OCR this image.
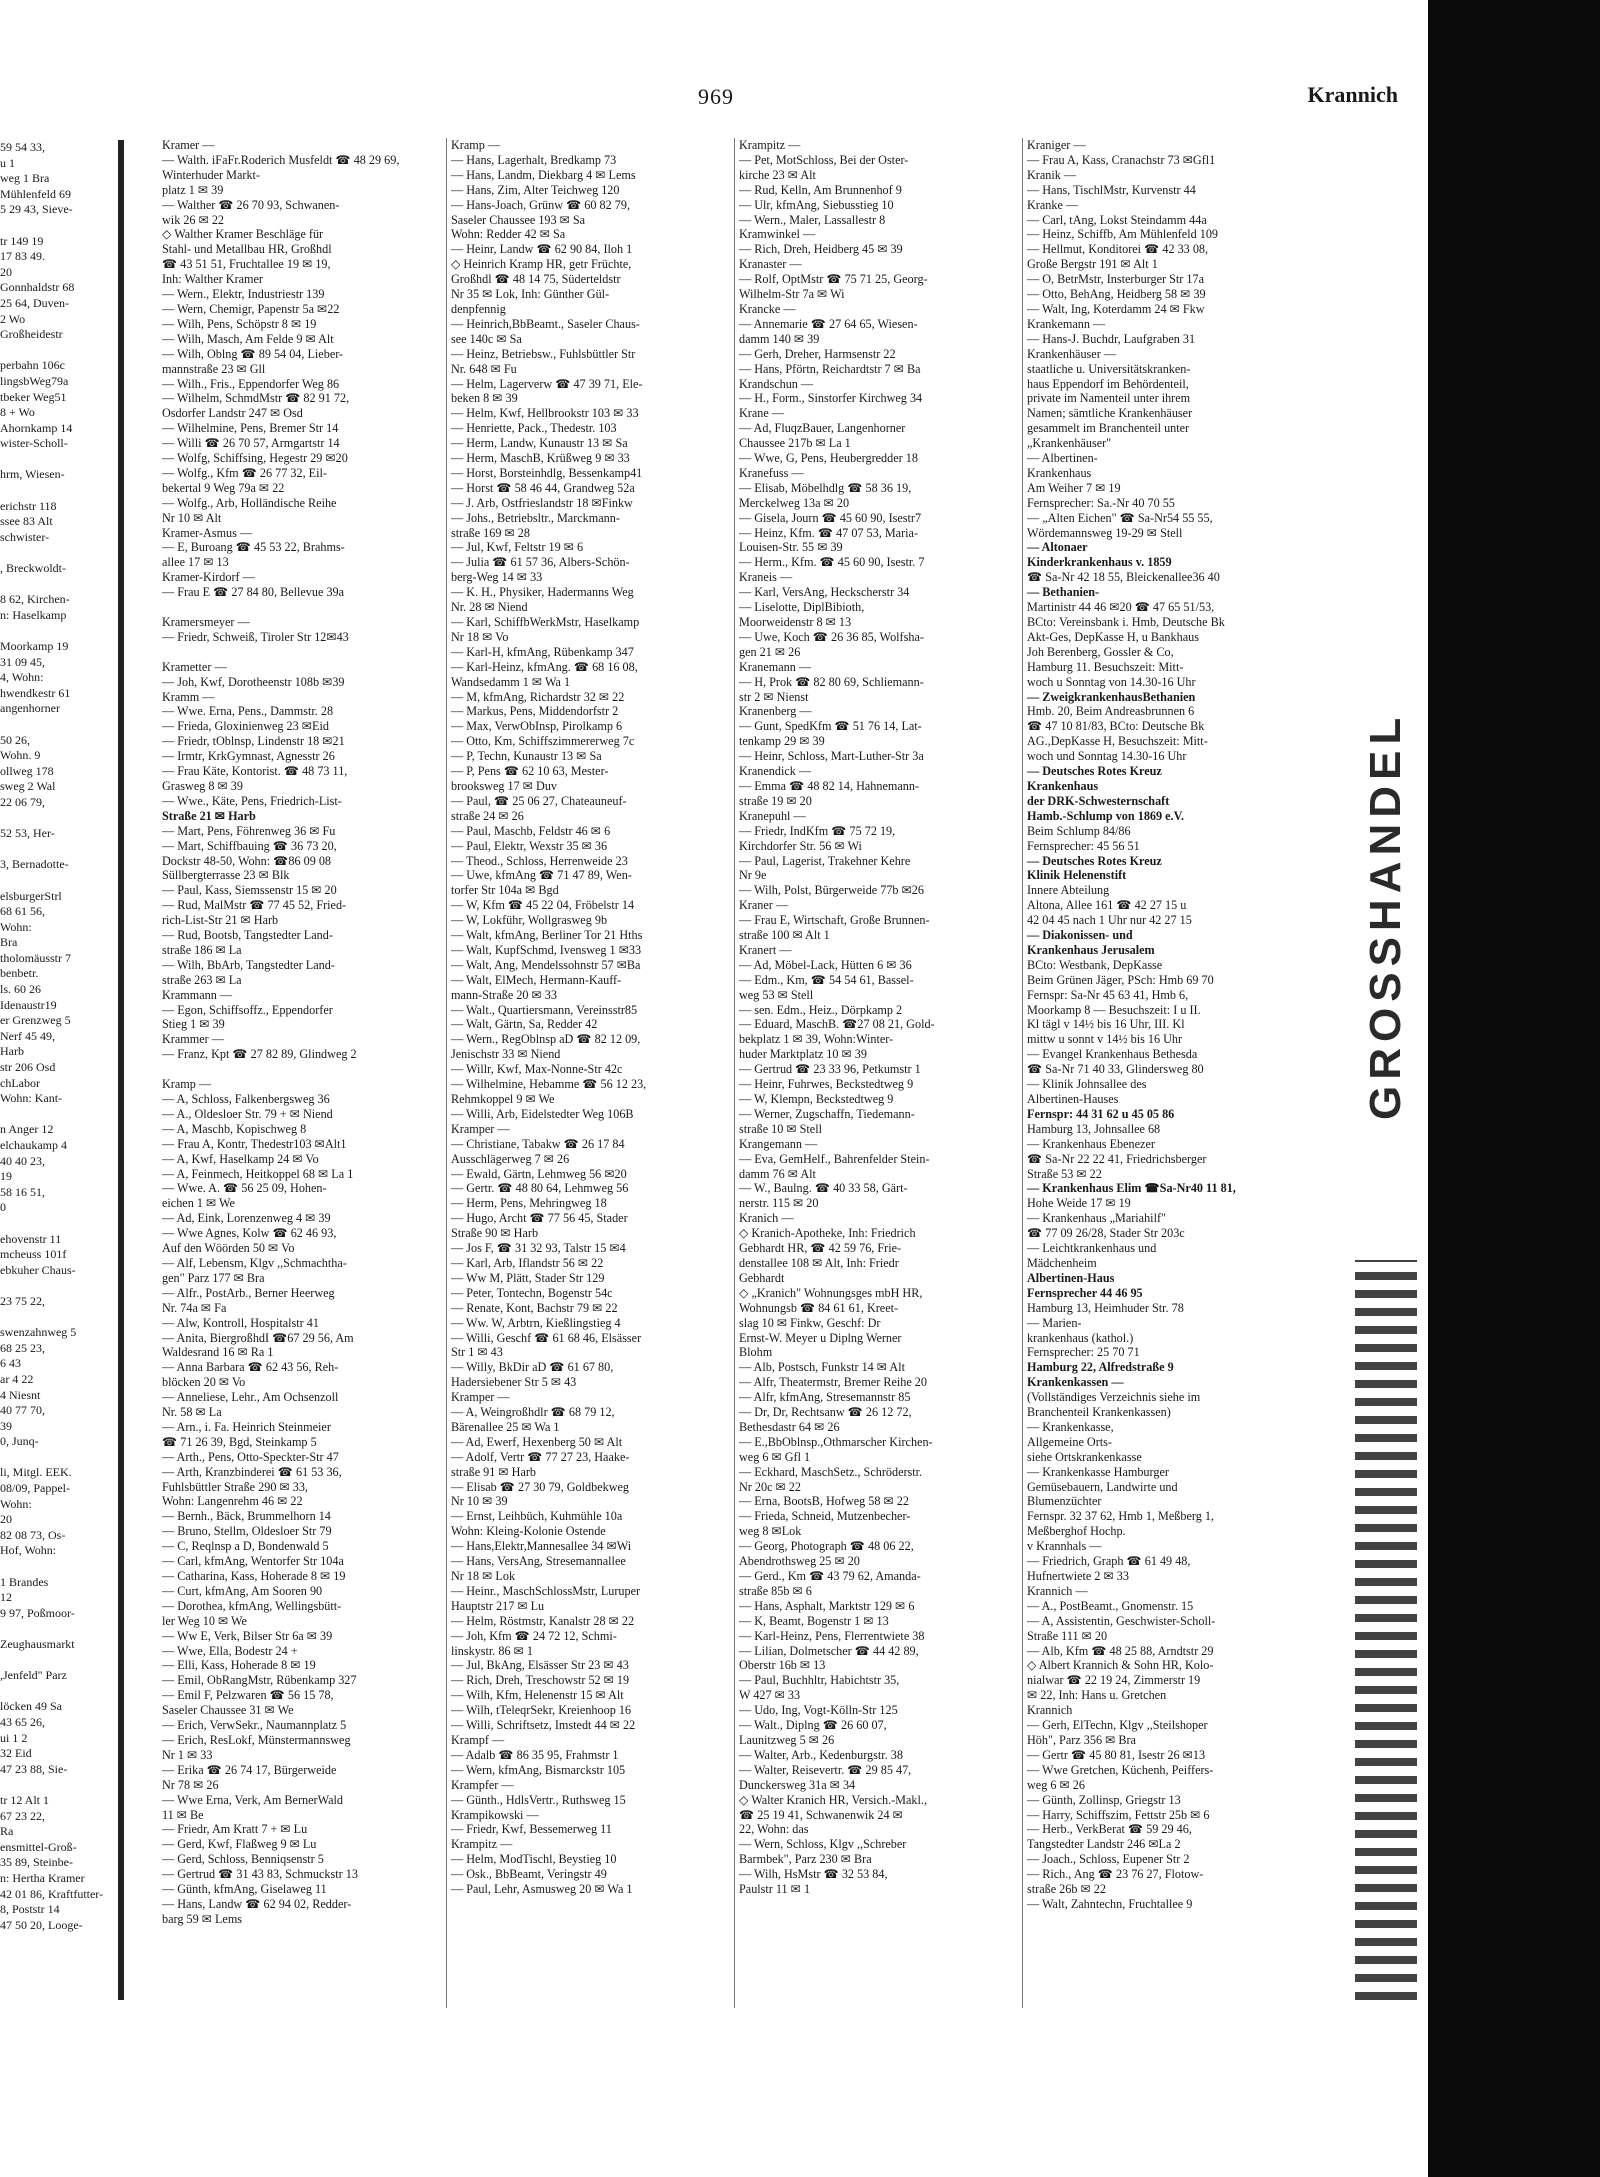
59 54 33,
u 1
weg 1 Bra
Mühlenfeld 69
5 29 43, Sieve-

tr 149 19
17 83 49.
20
Gonnhaldstr 68
25 64, Duven-
2 Wo
Großheidestr

perbahn 106c
lingsbWeg79a
tbeker Weg51
8 + Wo
Ahornkamp 14
wister-Scholl-

hrm, Wiesen-

erichstr 118
ssee 83 Alt
schwister-

, Breckwoldt-

8 62, Kirchen-
n: Haselkamp

Moorkamp 19
31 09 45,
4, Wohn:
hwendkestr 61
angenhorner

50 26,
Wohn. 9
ollweg 178
sweg 2 Wal
22 06 79,

52 53, Her-

3, Bernadotte-

elsburgerStrl
68 61 56,
Wohn:
Bra
tholomäusstr 7
benbetr.
ls. 60 26
Idenaustr19
er Grenzweg 5
Nerf 45 49,
Harb
str 206 Osd
chLabor
Wohn: Kant-

n Anger 12
elchaukamp 4
40 40 23,
19
58 16 51,
0

ehovenstr 11
mcheuss 101f
ebkuher Chaus-

23 75 22,

swenzahnweg 5
68 25 23,
6 43
ar 4 22
4 Niesnt
40 77 70,
39
0, Junq-

li, Mitgl. EEK.
08/09, Pappel-
Wohn:
20
82 08 73, Os-
Hof, Wohn:

1 Brandes
12
9 97, Poßmoor-

Zeughausmarkt

,Jenfeld" Parz

löcken 49 Sa
43 65 26,
ui 1 2
32 Eid
47 23 88, Sie-

tr 12 Alt 1
67 23 22,
Ra
ensmittel-Groß-
35 89, Steinbe-
n: Hertha Kramer
42 01 86, Kraftfutter-
8, Poststr 14
47 50 20, Looge-
969	Krannich
Kramer —
— Walth. iFaFr.Roderich Musfeldt ☎ 48 29 69, Winterhuder Markt-
platz 1 ✉ 39
— Walther ☎ 26 70 93, Schwanen-
wik 26 ✉ 22
◇ Walther Kramer Beschläge für
Stahl- und Metallbau HR, Großhdl
☎ 43 51 51, Fruchtallee 19 ✉ 19,
Inh: Walther Kramer
— Wern., Elektr, Industriestr 139
— Wern, Chemigr, Papenstr 5a ✉22
— Wilh, Pens, Schöpstr 8 ✉ 19
— Wilh, Masch, Am Felde 9 ✉ Alt
— Wilh, Oblng ☎ 89 54 04, Lieber-
mannstraße 23 ✉ Gll
— Wilh., Fris., Eppendorfer Weg 86
— Wilhelm, SchmdMstr ☎ 82 91 72,
Osdorfer Landstr 247 ✉ Osd
— Wilhelmine, Pens, Bremer Str 14
— Willi ☎ 26 70 57, Armgartstr 14
— Wolfg, Schiffsing, Hegestr 29 ✉20
— Wolfg., Kfm ☎ 26 77 32, Eil-
bekertal 9 Weg 79a ✉ 22
— Wolfg., Arb, Holländische Reihe
Nr 10 ✉ Alt
Kramer-Asmus —
— E, Buroang ☎ 45 53 22, Brahms-
allee 17 ✉ 13
Kramer-Kirdorf —
— Frau E ☎ 27 84 80, Bellevue 39a

Kramersmeyer —
— Friedr, Schweiß, Tiroler Str 12✉43

Krametter —
— Joh, Kwf, Dorotheenstr 108b ✉39
Kramm —
— Wwe. Erna, Pens., Dammstr. 28
— Frieda, Gloxinienweg 23 ✉Eid
— Friedr, tOblnsp, Lindenstr 18 ✉21
— Irmtr, KrkGymnast, Agnesstr 26
— Frau Käte, Kontorist. ☎ 48 73 11,
Grasweg 8 ✉ 39
— Wwe., Käte, Pens, Friedrich-List-
Straße 21 ✉ Harb
— Mart, Pens, Föhrenweg 36 ✉ Fu
— Mart, Schiffbauing ☎ 36 73 20,
Dockstr 48-50, Wohn: ☎86 09 08
Süllbergterrasse 23 ✉ Blk
— Paul, Kass, Siemssenstr 15 ✉ 20
— Rud, MalMstr ☎ 77 45 52, Fried-
rich-List-Str 21 ✉ Harb
— Rud, Bootsb, Tangstedter Land-
straße 186 ✉ La
— Wilh, BbArb, Tangstedter Land-
straße 263 ✉ La
Krammann —
— Egon, Schiffsoffz., Eppendorfer
Stieg 1 ✉ 39
Krammer —
— Franz, Kpt ☎ 27 82 89, Glindweg 2

Kramp —
— A, Schloss, Falkenbergsweg 36
— A., Oldesloer Str. 79 + ✉ Niend
— A, Maschb, Kopischweg 8
— Frau A, Kontr, Thedestr103 ✉Alt1
— A, Kwf, Haselkamp 24 ✉ Vo
— A, Feinmech, Heitkoppel 68 ✉ La 1
— Wwe. A. ☎ 56 25 09, Hohen-
eichen 1 ✉ We
— Ad, Eink, Lorenzenweg 4 ✉ 39
— Wwe Agnes, Kolw ☎ 62 46 93,
Auf den Wöörden 50 ✉ Vo
— Alf, Lebensm, Klgv ,,Schmachtha-
gen" Parz 177 ✉ Bra
— Alfr., PostArb., Berner Heerweg
Nr. 74a ✉ Fa
— Alw, Kontroll, Hospitalstr 41
— Anita, BiergroßhdI ☎67 29 56, Am
Waldesrand 16 ✉ Ra 1
— Anna Barbara ☎ 62 43 56, Reh-
blöcken 20 ✉ Vo
— Anneliese, Lehr., Am Ochsenzoll
Nr. 58 ✉ La
— Arn., i. Fa. Heinrich Steinmeier
☎ 71 26 39, Bgd, Steinkamp 5
— Arth., Pens, Otto-Speckter-Str 47
— Arth, Kranzbinderei ☎ 61 53 36,
Fuhlsbüttler Straße 290 ✉ 33,
Wohn: Langenrehm 46 ✉ 22
— Bernh., Bäck, Brummelhorn 14
— Bruno, Stellm, Oldesloer Str 79
— C, Reqlnsp a D, Bondenwald 5
— Carl, kfmAng, Wentorfer Str 104a
— Catharina, Kass, Hoherade 8 ✉ 19
— Curt, kfmAng, Am Sooren 90
— Dorothea, kfmAng, Wellingsbütt-
ler Weg 10 ✉ We
— Ww E, Verk, Bilser Str 6a ✉ 39
— Wwe, Ella, Bodestr 24 +
— Elli, Kass, Hoherade 8 ✉ 19
— Emil, ObRangMstr, Rübenkamp 327
— Emil F, Pelzwaren ☎ 56 15 78,
Saseler Chaussee 31 ✉ We
— Erich, VerwSekr., Naumannplatz 5
— Erich, ResLokf, Münstermannsweg
Nr 1 ✉ 33
— Erika ☎ 26 74 17, Bürgerweide
Nr 78 ✉ 26
— Wwe Erna, Verk, Am BernerWald
11 ✉ Be
— Friedr, Am Kratt 7 + ✉ Lu
— Gerd, Kwf, Flaßweg 9 ✉ Lu
— Gerd, Schloss, Benniqsenstr 5
— Gertrud ☎ 31 43 83, Schmuckstr 13
— Günth, kfmAng, Giselaweg 11
— Hans, Landw ☎ 62 94 02, Redder-
barg 59 ✉ Lems
Kramp —
— Hans, Lagerhalt, Bredkamp 73
— Hans, Landm, Diekbarg 4 ✉ Lems
— Hans, Zim, Alter Teichweg 120
— Hans-Joach, Grünw ☎ 60 82 79,
Saseler Chaussee 193 ✉ Sa
Wohn: Redder 42 ✉ Sa
— Heinr, Landw ☎ 62 90 84, Iloh 1
◇ Heinrich Kramp HR, getr Früchte,
Großhdl ☎ 48 14 75, Süderteldstr
Nr 35 ✉ Lok, Inh: Günther Gül-
denpfennig
— Heinrich,BbBeamt., Saseler Chaus-
see 140c ✉ Sa
— Heinz, Betriebsw., Fuhlsbüttler Str
Nr. 648 ✉ Fu
— Helm, Lagerverw ☎ 47 39 71, Ele-
beken 8 ✉ 39
— Helm, Kwf, Hellbrookstr 103 ✉ 33
— Henriette, Pack., Thedestr. 103
— Herm, Landw, Kunaustr 13 ✉ Sa
— Herm, MaschB, Krüßweg 9 ✉ 33
— Horst, Borsteinhdlg, Bessenkamp41
— Horst ☎ 58 46 44, Grandweg 52a
— J. Arb, Ostfrieslandstr 18 ✉Finkw
— Johs., Betriebsltr., Marckmann-
straße 169 ✉ 28
— Jul, Kwf, Feltstr 19 ✉ 6
— Julia ☎ 61 57 36, Albers-Schön-
berg-Weg 14 ✉ 33
— K. H., Physiker, Hadermanns Weg
Nr. 28 ✉ Niend
— Karl, SchiffbWerkMstr, Haselkamp
Nr 18 ✉ Vo
— Karl-H, kfmAng, Rübenkamp 347
— Karl-Heinz, kfmAng. ☎ 68 16 08,
Wandsedamm 1 ✉ Wa 1
— M, kfmAng, Richardstr 32 ✉ 22
— Markus, Pens, Middendorfstr 2
— Max, VerwObInsp, Pirolkamp 6
— Otto, Km, Schiffszimmererweg 7c
— P, Techn, Kunaustr 13 ✉ Sa
— P, Pens ☎ 62 10 63, Mester-
brooksweg 17 ✉ Duv
— Paul, ☎ 25 06 27, Chateauneuf-
straße 24 ✉ 26
— Paul, Maschb, Feldstr 46 ✉ 6
— Paul, Elektr, Wexstr 35 ✉ 36
— Theod., Schloss, Herrenweide 23
— Uwe, kfmAng ☎ 71 47 89, Wen-
torfer Str 104a ✉ Bgd
— W, Kfm ☎ 45 22 04, Fröbelstr 14
— W, Lokführ, Wollgrasweg 9b
— Walt, kfmAng, Berliner Tor 21 Hths
— Walt, KupfSchmd, Ivensweg 1 ✉33
— Walt, Ang, Mendelssohnstr 57 ✉Ba
— Walt, ElMech, Hermann-Kauff-
mann-Straße 20 ✉ 33
— Walt., Quartiersmann, Vereinsstr85
— Walt, Gärtn, Sa, Redder 42
— Wern., RegOblnsp aD ☎ 82 12 09,
Jenischstr 33 ✉ Niend
— Willr, Kwf, Max-Nonne-Str 42c
— Wilhelmine, Hebamme ☎ 56 12 23,
Rehmkoppel 9 ✉ We
— Willi, Arb, Eidelstedter Weg 106B
Kramper —
— Christiane, Tabakw ☎ 26 17 84
Ausschlägerweg 7 ✉ 26
— Ewald, Gärtn, Lehmweg 56 ✉20
— Gertr. ☎ 48 80 64, Lehmweg 56
— Herm, Pens, Mehringweg 18
— Hugo, Archt ☎ 77 56 45, Stader
Straße 90 ✉ Harb
— Jos F, ☎ 31 32 93, Talstr 15 ✉4
— Karl, Arb, Iflandstr 56 ✉ 22
— Ww M, Plätt, Stader Str 129
— Peter, Tontechn, Bogenstr 54c
— Renate, Kont, Bachstr 79 ✉ 22
— Ww. W, Arbtrn, Kießlingstieg 4
— Willi, Geschf ☎ 61 68 46, Elsässer
Str 1 ✉ 43
— Willy, BkDir aD ☎ 61 67 80,
Hadersiebener Str 5 ✉ 43
Kramper —
— A, Weingroßhdlr ☎ 68 79 12,
Bärenallee 25 ✉ Wa 1
— Ad, Ewerf, Hexenberg 50 ✉ Alt
— Adolf, Vertr ☎ 77 27 23, Haake-
straße 91 ✉ Harb
— Elisab ☎ 27 30 79, Goldbekweg
Nr 10 ✉ 39
— Ernst, Leihbüch, Kuhmühle 10a
Wohn: Kleing-Kolonie Ostende
— Hans,Elektr,Mannesallee 34 ✉Wi
— Hans, VersAng, Stresemannallee
Nr 18 ✉ Lok
— Heinr., MaschSchlossMstr, Luruper
Hauptstr 217 ✉ Lu
— Helm, Röstmstr, Kanalstr 28 ✉ 22
— Joh, Kfm ☎ 24 72 12, Schmi-
linskystr. 86 ✉ 1
— Jul, BkAng, Elsässer Str 23 ✉ 43
— Rich, Dreh, Treschowstr 52 ✉ 19
— Wilh, Kfm, Helenenstr 15 ✉ Alt
— Wilh, tTeleqrSekr, Kreienhoop 16
— Willi, Schriftsetz, Imstedt 44 ✉ 22
Krampf —
— Adalb ☎ 86 35 95, Frahmstr 1
— Wern, kfmAng, Bismarckstr 105
Krampfer —
— Günth., HdlsVertr., Ruthsweg 15
Krampikowski —
— Friedr, Kwf, Bessemerweg 11
Krampitz —
— Helm, ModTischl, Beystieg 10
— Osk., BbBeamt, Veringstr 49
— Paul, Lehr, Asmusweg 20 ✉ Wa 1
Krampitz —
— Pet, MotSchloss, Bei der Oster-
kirche 23 ✉ Alt
— Rud, Kelln, Am Brunnenhof 9
— Ulr, kfmAng, Siebusstieg 10
— Wern., Maler, Lassallestr 8
Kramwinkel —
— Rich, Dreh, Heidberg 45 ✉ 39
Kranaster —
— Rolf, OptMstr ☎ 75 71 25, Georg-
Wilhelm-Str 7a ✉ Wi
Krancke —
— Annemarie ☎ 27 64 65, Wiesen-
damm 140 ✉ 39
— Gerh, Dreher, Harmsenstr 22
— Hans, Pförtn, Reichardtstr 7 ✉ Ba
Krandschun —
— H., Form., Sinstorfer Kirchweg 34
Krane —
— Ad, FluqzBauer, Langenhorner
Chaussee 217b ✉ La 1
— Wwe, G, Pens, Heubergredder 18
Kranefuss —
— Elisab, Möbelhdlg ☎ 58 36 19,
Merckelweg 13a ✉ 20
— Gisela, Journ ☎ 45 60 90, Isestr7
— Heinz, Kfm. ☎ 47 07 53, Maria-
Louisen-Str. 55 ✉ 39
— Herm., Kfm. ☎ 45 60 90, Isestr. 7
Kraneis —
— Karl, VersAng, Heckscherstr 34
— Liselotte, DiplBibioth,
Moorweidenstr 8 ✉ 13
— Uwe, Koch ☎ 26 36 85, Wolfsha-
gen 21 ✉ 26
Kranemann —
— H, Prok ☎ 82 80 69, Schliemann-
str 2 ✉ Nienst
Kranenberg —
— Gunt, SpedKfm ☎ 51 76 14, Lat-
tenkamp 29 ✉ 39
— Heinr, Schloss, Mart-Luther-Str 3a
Kranendick —
— Emma ☎ 48 82 14, Hahnemann-
straße 19 ✉ 20
Kranepuhl —
— Friedr, IndKfm ☎ 75 72 19,
Kirchdorfer Str. 56 ✉ Wi
— Paul, Lagerist, Trakehner Kehre
Nr 9e
— Wilh, Polst, Bürgerweide 77b ✉26
Kraner —
— Frau E, Wirtschaft, Große Brunnen-
straße 100 ✉ Alt 1
Kranert —
— Ad, Möbel-Lack, Hütten 6 ✉ 36
— Edm., Km, ☎ 54 54 61, Bassel-
weg 53 ✉ Stell
— sen. Edm., Heiz., Dörpkamp 2
— Eduard, MaschB. ☎27 08 21, Gold-
bekplatz 1 ✉ 39, Wohn:Winter-
huder Marktplatz 10 ✉ 39
— Gertrud ☎ 23 33 96, Petkumstr 1
— Heinr, Fuhrwes, Beckstedtweg 9
— W, Klempn, Beckstedtweg 9
— Werner, Zugschaffn, Tiedemann-
straße 10 ✉ Stell
Krangemann —
— Eva, GemHelf., Bahrenfelder Stein-
damm 76 ✉ Alt
— W., Baulng. ☎ 40 33 58, Gärt-
nerstr. 115 ✉ 20
Kranich —
◇ Kranich-Apotheke, Inh: Friedrich
Gebhardt HR, ☎ 42 59 76, Frie-
denstallee 108 ✉ Alt, Inh: Friedr
Gebhardt
◇ „Kranich" Wohnungsges mbH HR,
Wohnungsb ☎ 84 61 61, Kreet-
slag 10 ✉ Finkw, Geschf: Dr
Ernst-W. Meyer u Diplng Werner
Blohm
— Alb, Postsch, Funkstr 14 ✉ Alt
— Alfr, Theatermstr, Bremer Reihe 20
— Alfr, kfmAng, Stresemannstr 85
— Dr, Dr, Rechtsanw ☎ 26 12 72,
Bethesdastr 64 ✉ 26
— E.,BbOblnsp.,Othmarscher Kirchen-
weg 6 ✉ Gfl 1
— Eckhard, MaschSetz., Schröderstr.
Nr 20c ✉ 22
— Erna, BootsB, Hofweg 58 ✉ 22
— Frieda, Schneid, Mutzenbecher-
weg 8 ✉Lok
— Georg, Photograph ☎ 48 06 22,
Abendrothsweg 25 ✉ 20
— Gerd., Km ☎ 43 79 62, Amanda-
straße 85b ✉ 6
— Hans, Asphalt, Marktstr 129 ✉ 6
— K, Beamt, Bogenstr 1 ✉ 13
— Karl-Heinz, Pens, Flerrentwiete 38
— Lilian, Dolmetscher ☎ 44 42 89,
Oberstr 16b ✉ 13
— Paul, Buchhltr, Habichtstr 35,
W 427 ✉ 33
— Udo, Ing, Vogt-Kölln-Str 125
— Walt., Diplng ☎ 26 60 07,
Launitzweg 5 ✉ 26
— Walter, Arb., Kedenburgstr. 38
— Walter, Reisevertr. ☎ 29 85 47,
Dunckersweg 31a ✉ 34
◇ Walter Kranich HR, Versich.-Makl.,
☎ 25 19 41, Schwanenwik 24 ✉
22, Wohn: das
— Wern, Schloss, Klgv ,,Schreber
Barmbek", Parz 230 ✉ Bra
— Wilh, HsMstr ☎ 32 53 84,
Paulstr 11 ✉ 1
Kraniger —
— Frau A, Kass, Cranachstr 73 ✉Gfl1
Kranik —
— Hans, TischlMstr, Kurvenstr 44
Kranke —
— Carl, tAng, Lokst Steindamm 44a
— Heinz, Schiffb, Am Mühlenfeld 109
— Hellmut, Konditorei ☎ 42 33 08,
Große Bergstr 191 ✉ Alt 1
— O, BetrMstr, Insterburger Str 17a
— Otto, BehAng, Heidberg 58 ✉ 39
— Walt, Ing, Koterdamm 24 ✉ Fkw
Krankemann —
— Hans-J. Buchdr, Laufgraben 31
Krankenhäuser —
staatliche u. Universitätskranken-
haus Eppendorf im Behördenteil,
private im Namenteil unter ihrem
Namen; sämtliche Krankenhäuser
gesammelt im Branchenteil unter
„Krankenhäuser"
— Albertinen-
Krankenhaus
Am Weiher 7 ✉ 19
Fernsprecher: Sa.-Nr 40 70 55
— „Alten Eichen" ☎ Sa-Nr54 55 55,
Wördemannsweg 19-29 ✉ Stell
— Altonaer
Kinderkrankenhaus v. 1859
☎ Sa-Nr 42 18 55, Bleickenallee36 40
— Bethanien-
Martinistr 44 46 ✉20 ☎ 47 65 51/53,
BCto: Vereinsbank i. Hmb, Deutsche Bk
Akt-Ges, DepKasse H, u Bankhaus
Joh Berenberg, Gossler & Co,
Hamburg 11. Besuchszeit: Mitt-
woch u Sonntag von 14.30-16 Uhr
— ZweigkrankenhausBethanien
Hmb. 20, Beim Andreasbrunnen 6
☎ 47 10 81/83, BCto: Deutsche Bk
AG.,DepKasse H, Besuchszeit: Mitt-
woch und Sonntag 14.30-16 Uhr
— Deutsches Rotes Kreuz
Krankenhaus
der DRK-Schwesternschaft
Hamb.-Schlump von 1869 e.V.
Beim Schlump 84/86
Fernsprecher: 45 56 51
— Deutsches Rotes Kreuz
Klinik Helenenstift
Innere Abteilung
Altona, Allee 161 ☎ 42 27 15 u
42 04 45 nach 1 Uhr nur 42 27 15
— Diakonissen- und
Krankenhaus Jerusalem
BCto: Westbank, DepKasse
Beim Grünen Jäger, PSch: Hmb 69 70
Fernspr: Sa-Nr 45 63 41, Hmb 6,
Moorkamp 8 — Besuchszeit: I u II.
Kl tägl v 14½ bis 16 Uhr, III. Kl
mittw u sonnt v 14½ bis 16 Uhr
— Evangel Krankenhaus Bethesda
☎ Sa-Nr 71 40 33, Glindersweg 80
— Klinik Johnsallee des
Albertinen-Hauses
Fernspr: 44 31 62 u 45 05 86
Hamburg 13, Johnsallee 68
— Krankenhaus Ebenezer
☎ Sa-Nr 22 22 41, Friedrichsberger
Straße 53 ✉ 22
— Krankenhaus Elim ☎Sa-Nr40 11 81,
Hohe Weide 17 ✉ 19
— Krankenhaus „Mariahilf"
☎ 77 09 26/28, Stader Str 203c
— Leichtkrankenhaus und
Mädchenheim
Albertinen-Haus
Fernsprecher 44 46 95
Hamburg 13, Heimhuder Str. 78
— Marien-
krankenhaus (kathol.)
Fernsprecher: 25 70 71
Hamburg 22, Alfredstraße 9
Krankenkassen —
(Vollständiges Verzeichnis siehe im
Branchenteil Krankenkassen)
— Krankenkasse,
Allgemeine Orts-
siehe Ortskrankenkasse
— Krankenkasse Hamburger
Gemüsebauern, Landwirte und
Blumenzüchter
Fernspr. 32 37 62, Hmb 1, Meßberg 1,
Meßberghof Hochp.
v Krannhals —
— Friedrich, Graph ☎ 61 49 48,
Hufnertwiete 2 ✉ 33
Krannich —
— A., PostBeamt., Gnomenstr. 15
— A, Assistentin, Geschwister-Scholl-
Straße 111 ✉ 20
— Alb, Kfm ☎ 48 25 88, Arndtstr 29
◇ Albert Krannich & Sohn HR, Kolo-
nialwar ☎ 22 19 24, Zimmerstr 19
✉ 22, Inh: Hans u. Gretchen
Krannich
— Gerh, ElTechn, Klgv ,,Steilshoper
Höh", Parz 356 ✉ Bra
— Gertr ☎ 45 80 81, Isestr 26 ✉13
— Wwe Gretchen, Küchenh, Peiffers-
weg 6 ✉ 26
— Günth, Zollinsp, Griegstr 13
— Harry, Schiffszim, Fettstr 25b ✉ 6
— Herb., VerkBerat ☎ 59 29 46,
Tangstedter Landstr 246 ✉La 2
— Joach., Schloss, Eupener Str 2
— Rich., Ang ☎ 23 76 27, Flotow-
straße 26b ✉ 22
— Walt, Zahntechn, Fruchtallee 9
GROSSHANDEL
